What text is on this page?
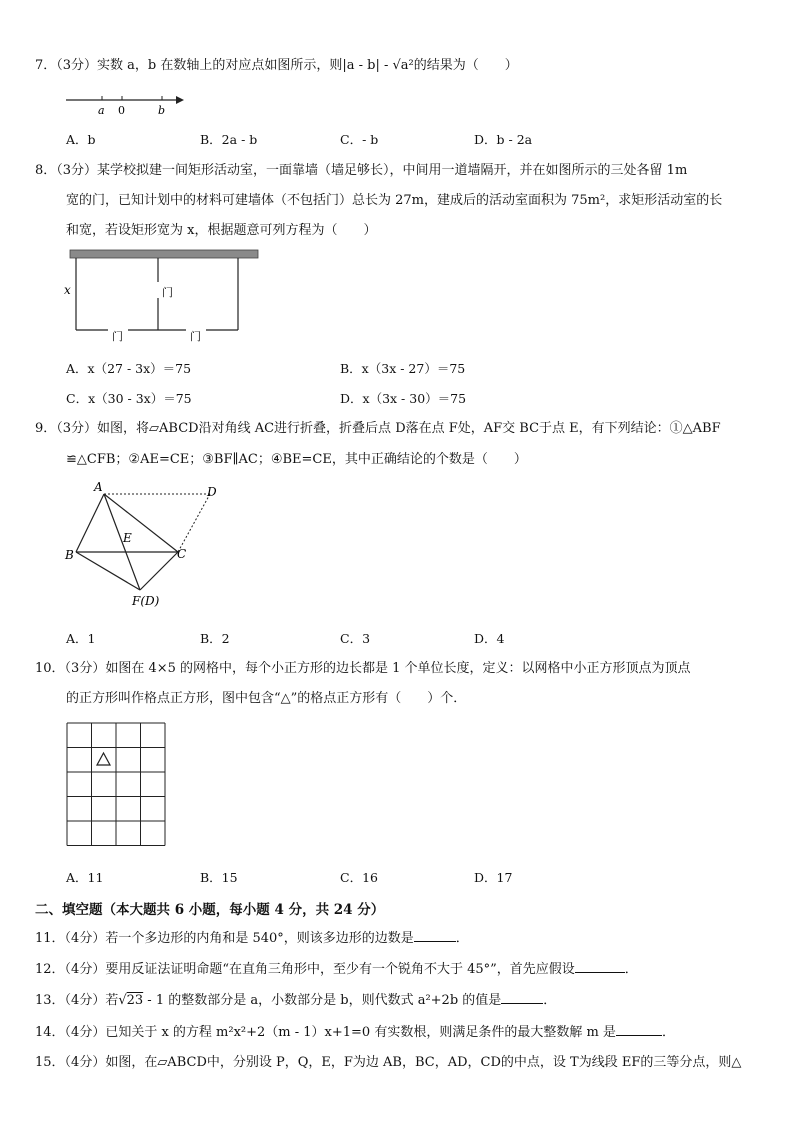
7．（3分）实数 a，b 在数轴上的对应点如图所示，则|a - b| - √a²的结果为（　　）
a 0	b
A．b	B．2a - b	C．- b	D．b - 2a
8．（3分）某学校拟建一间矩形活动室，一面靠墙（墙足够长），中间用一道墙隔开，并在如图所示的三处各留 1m
宽的门，已知计划中的材料可建墙体（不包括门）总长为 27m，建成后的活动室面积为 75m²，求矩形活动室的长
和宽，若设矩形宽为 x，根据题意可列方程为（　　）
x	门
门	门
A．x（27 - 3x）＝75	B．x（3x - 27）＝75
C．x（30 - 3x）＝75	D．x（3x - 30）＝75
9．（3分）如图，将▱ABCD沿对角线 AC进行折叠，折叠后点 D落在点 F处，AF交 BC于点 E，有下列结论：①△ABF
≌△CFB；②AE=CE；③BF∥AC；④BE=CE，其中正确结论的个数是（　　）
A	D
B
E
C
F(D)
A．1	B．2	C．3	D．4
10．（3分）如图在 4×5 的网格中，每个小正方形的边长都是 1 个单位长度，定义：以网格中小正方形顶点为顶点
的正方形叫作格点正方形，图中包含“△”的格点正方形有（　　）个．
A．11	B．15	C．16	D．17
二、填空题（本大题共 6 小题，每小题 4 分，共 24 分）
11．（4分）若一个多边形的内角和是 540°，则该多边形的边数是	．
12．（4分）要用反证法证明命题“在直角三角形中，至少有一个锐角不大于 45°”，首先应假设	．
13．（4分）若√23 - 1 的整数部分是 a，小数部分是 b，则代数式 a²+2b 的值是	．
14．（4分）已知关于 x 的方程 m²x²+2（m - 1）x+1=0 有实数根，则满足条件的最大整数解 m 是	．
15．（4分）如图，在▱ABCD中，分别设 P，Q，E，F为边 AB，BC，AD，CD的中点，设 T为线段 EF的三等分点，则△
